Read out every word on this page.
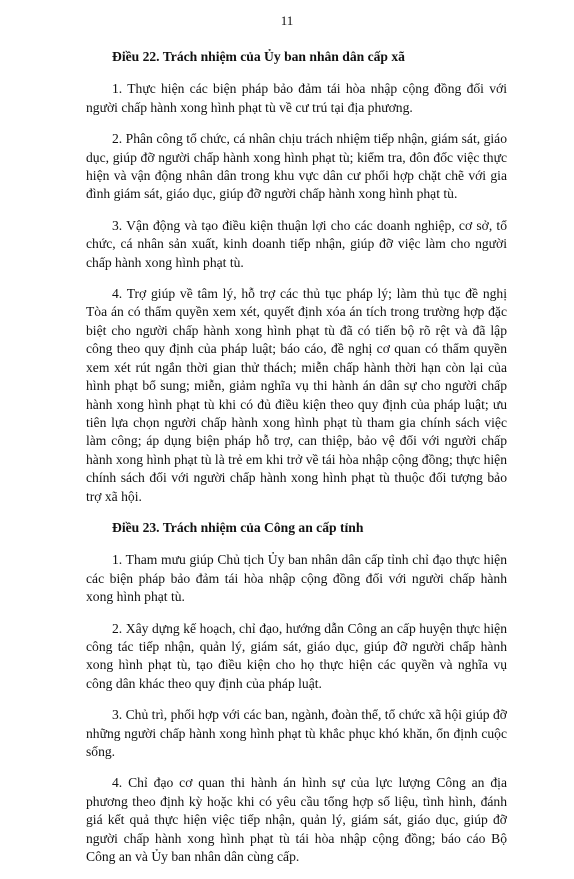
11
Điều 22. Trách nhiệm của Ủy ban nhân dân cấp xã

1. Thực hiện các biện pháp bảo đảm tái hòa nhập cộng đồng đối với người chấp hành xong hình phạt tù về cư trú tại địa phương.

2. Phân công tổ chức, cá nhân chịu trách nhiệm tiếp nhận, giám sát, giáo dục, giúp đỡ người chấp hành xong hình phạt tù; kiểm tra, đôn đốc việc thực hiện và vận động nhân dân trong khu vực dân cư phối hợp chặt chẽ với gia đình giám sát, giáo dục, giúp đỡ người chấp hành xong hình phạt tù.

3. Vận động và tạo điều kiện thuận lợi cho các doanh nghiệp, cơ sở, tổ chức, cá nhân sản xuất, kinh doanh tiếp nhận, giúp đỡ việc làm cho người chấp hành xong hình phạt tù.

4. Trợ giúp về tâm lý, hỗ trợ các thủ tục pháp lý; làm thủ tục đề nghị Tòa án có thẩm quyền xem xét, quyết định xóa án tích trong trường hợp đặc biệt cho người chấp hành xong hình phạt tù đã có tiến bộ rõ rệt và đã lập công theo quy định của pháp luật; báo cáo, đề nghị cơ quan có thẩm quyền xem xét rút ngắn thời gian thử thách; miễn chấp hành thời hạn còn lại của hình phạt bổ sung; miễn, giảm nghĩa vụ thi hành án dân sự cho người chấp hành xong hình phạt tù khi có đủ điều kiện theo quy định của pháp luật; ưu tiên lựa chọn người chấp hành xong hình phạt tù tham gia chính sách việc làm công; áp dụng biện pháp hỗ trợ, can thiệp, bảo vệ đối với người chấp hành xong hình phạt tù là trẻ em khi trở về tái hòa nhập cộng đồng; thực hiện chính sách đối với người chấp hành xong hình phạt tù thuộc đối tượng bảo trợ xã hội.

Điều 23. Trách nhiệm của Công an cấp tỉnh

1. Tham mưu giúp Chủ tịch Ủy ban nhân dân cấp tỉnh chỉ đạo thực hiện các biện pháp bảo đảm tái hòa nhập cộng đồng đối với người chấp hành xong hình phạt tù.

2. Xây dựng kế hoạch, chỉ đạo, hướng dẫn Công an cấp huyện thực hiện công tác tiếp nhận, quản lý, giám sát, giáo dục, giúp đỡ người chấp hành xong hình phạt tù, tạo điều kiện cho họ thực hiện các quyền và nghĩa vụ công dân khác theo quy định của pháp luật.

3. Chủ trì, phối hợp với các ban, ngành, đoàn thể, tổ chức xã hội giúp đỡ những người chấp hành xong hình phạt tù khắc phục khó khăn, ổn định cuộc sống.

4. Chỉ đạo cơ quan thi hành án hình sự của lực lượng Công an địa phương theo định kỳ hoặc khi có yêu cầu tổng hợp số liệu, tình hình, đánh giá kết quả thực hiện việc tiếp nhận, quản lý, giám sát, giáo dục, giúp đỡ người chấp hành xong hình phạt tù tái hòa nhập cộng đồng; báo cáo Bộ Công an và Ủy ban nhân dân cùng cấp.
